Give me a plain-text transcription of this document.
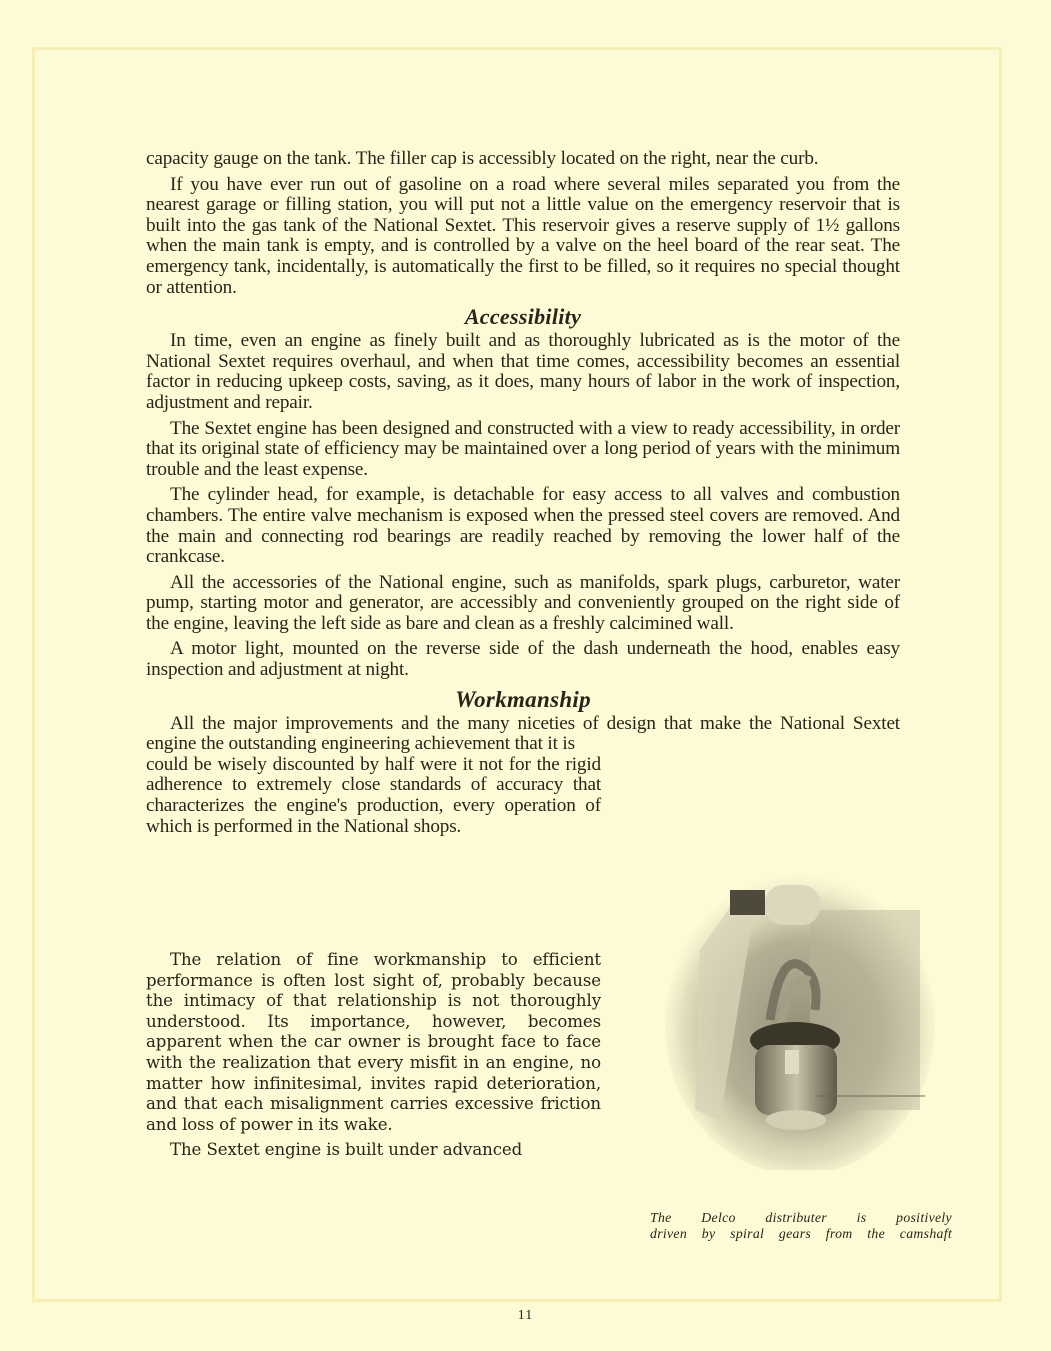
capacity gauge on the tank. The filler cap is accessibly located on the right, near the curb.

If you have ever run out of gasoline on a road where several miles separated you from the nearest garage or filling station, you will put not a little value on the emergency reservoir that is built into the gas tank of the National Sextet. This reservoir gives a reserve supply of 1½ gallons when the main tank is empty, and is controlled by a valve on the heel board of the rear seat. The emergency tank, incidentally, is automatically the first to be filled, so it requires no special thought or attention.

Accessibility

In time, even an engine as finely built and as thoroughly lubricated as is the motor of the National Sextet requires overhaul, and when that time comes, accessibility becomes an essential factor in reducing upkeep costs, saving, as it does, many hours of labor in the work of inspection, adjustment and repair.

The Sextet engine has been designed and constructed with a view to ready accessibility, in order that its original state of efficiency may be maintained over a long period of years with the minimum trouble and the least expense.

The cylinder head, for example, is detachable for easy access to all valves and combustion chambers. The entire valve mechanism is exposed when the pressed steel covers are removed. And the main and connecting rod bearings are readily reached by removing the lower half of the crankcase.

All the accessories of the National engine, such as manifolds, spark plugs, carburetor, water pump, starting motor and generator, are accessibly and conveniently grouped on the right side of the engine, leaving the left side as bare and clean as a freshly calcimined wall.

A motor light, mounted on the reverse side of the dash underneath the hood, enables easy inspection and adjustment at night.

Workmanship

All the major improvements and the many niceties of design that make the National Sextet engine the outstanding engineering achievement that it is

could be wisely discounted by half were it not for the rigid adherence to extremely close standards of accuracy that characterizes the engine's production, every operation of which is performed in the National shops.

The relation of fine workmanship to efficient performance is often lost sight of, probably because the intimacy of that relationship is not thoroughly understood. Its importance, however, becomes apparent when the car owner is brought face to face with the realization that every misfit in an engine, no matter how infinitesimal, invites rapid deterioration, and that each misalignment carries excessive friction and loss of power in its wake.

The Sextet engine is built under advanced

The Delco distributer is positively
driven by spiral gears from the camshaft
11
